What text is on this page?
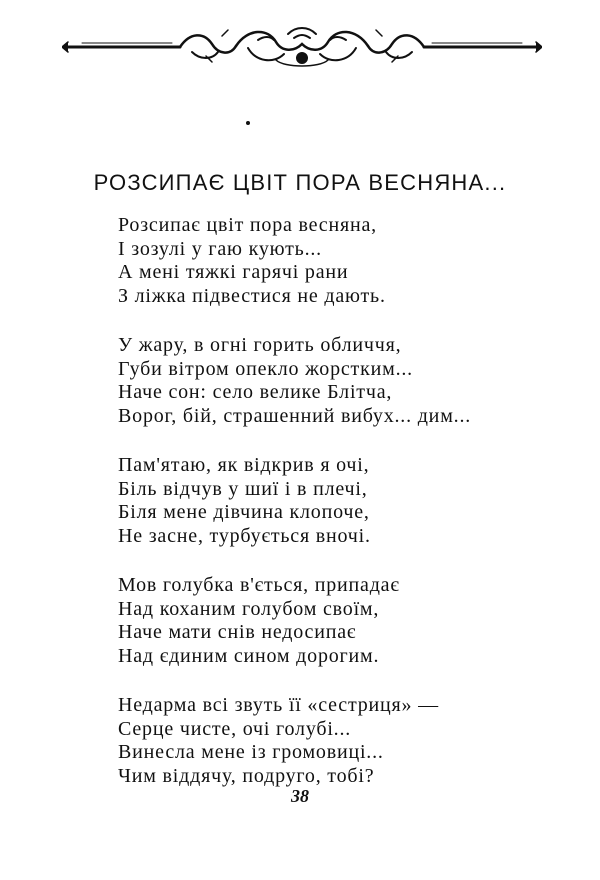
РОЗСИПАЄ ЦВІТ ПОРА ВЕСНЯНА...
Розсипає цвіт пора весняна,
І зозулі у гаю кують...
А мені тяжкі гарячі рани
З ліжка підвестися не дають.
У жару, в огні горить обличчя,
Губи вітром опекло жорстким...
Наче сон: село велике Блітча,
Ворог, бій, страшенний вибух... дим...
Пам'ятаю, як відкрив я очі,
Біль відчув у шиї і в плечі,
Біля мене дівчина клопоче,
Не засне, турбується вночі.
Мов голубка в'ється, припадає
Над коханим голубом своїм,
Наче мати снів недосипає
Над єдиним сином дорогим.
Недарма всі звуть її «сестриця» —
Серце чисте, очі голубі...
Винесла мене із громовиці...
Чим віддячу, подруго, тобі?
38
